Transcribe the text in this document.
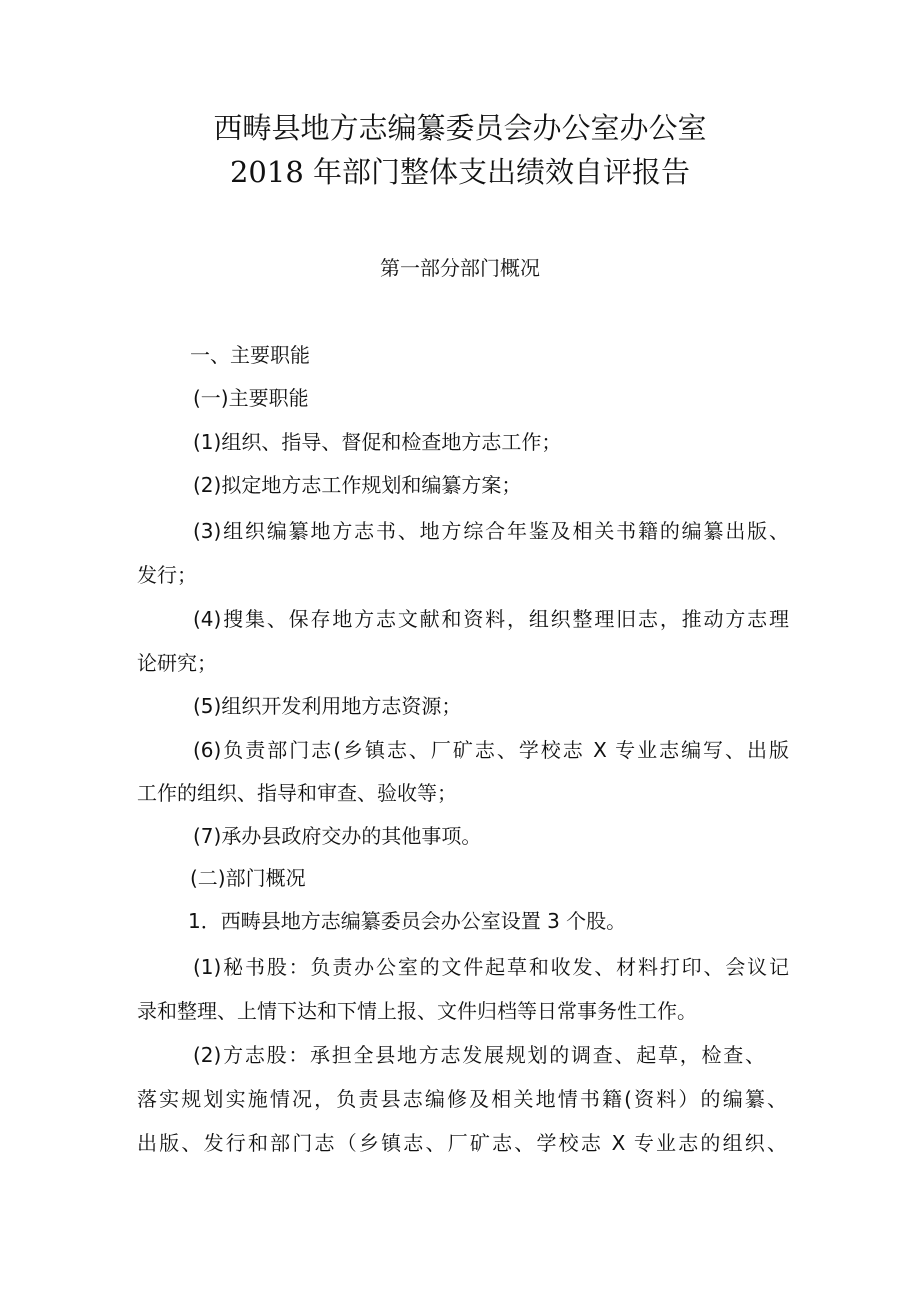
西畴县地方志编纂委员会办公室办公室
2018 年部门整体支出绩效自评报告
第一部分部门概况
一、主要职能
(一)主要职能
(1)组织、指导、督促和检查地方志工作；
(2)拟定地方志工作规划和编纂方案；
(3)组织编纂地方志书、地方综合年鉴及相关书籍的编纂出版、
发行；
(4)搜集、保存地方志文献和资料，组织整理旧志，推动方志理
论研究；
(5)组织开发利用地方志资源；
(6)负责部门志(乡镇志、厂矿志、学校志 X 专业志编写、出版
工作的组织、指导和审查、验收等；
(7)承办县政府交办的其他事项。
(二)部门概况
1．西畴县地方志编纂委员会办公室设置 3 个股。
(1)秘书股：负责办公室的文件起草和收发、材料打印、会议记
录和整理、上情下达和下情上报、文件归档等日常事务性工作。
(2)方志股：承担全县地方志发展规划的调查、起草，检查、
落实规划实施情况，负责县志编修及相关地情书籍(资料）的编纂、
出版、发行和部门志（乡镇志、厂矿志、学校志 X 专业志的组织、
